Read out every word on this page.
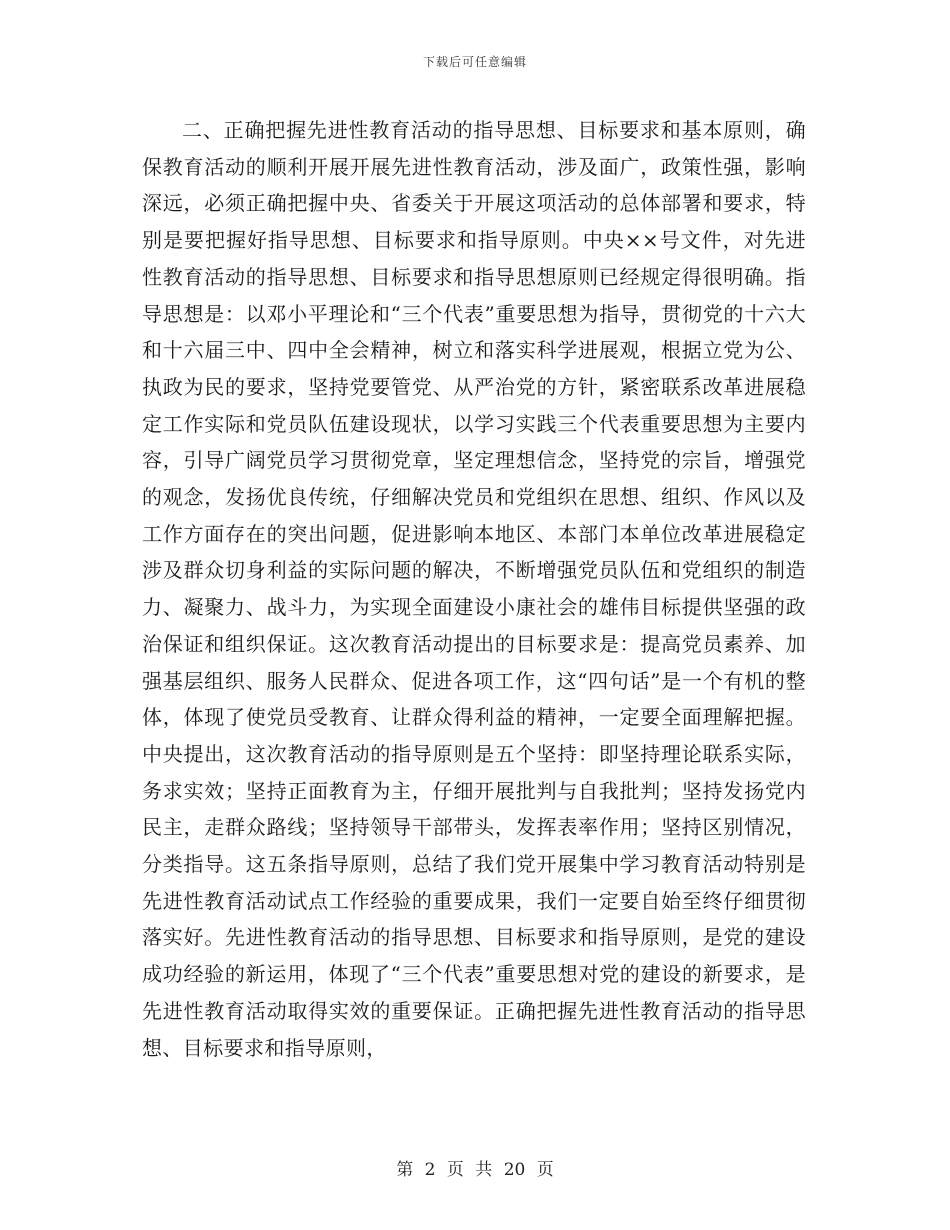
下载后可任意编辑

二、正确把握先进性教育活动的指导思想、目标要求和基本原则，确保教育活动的顺利开展开展先进性教育活动，涉及面广，政策性强，影响深远，必须正确把握中央、省委关于开展这项活动的总体部署和要求，特别是要把握好指导思想、目标要求和指导原则。中央××号文件，对先进性教育活动的指导思想、目标要求和指导思想原则已经规定得很明确。指导思想是：以邓小平理论和“三个代表”重要思想为指导，贯彻党的十六大和十六届三中、四中全会精神，树立和落实科学进展观，根据立党为公、执政为民的要求，坚持党要管党、从严治党的方针，紧密联系改革进展稳定工作实际和党员队伍建设现状，以学习实践三个代表重要思想为主要内容，引导广阔党员学习贯彻党章，坚定理想信念，坚持党的宗旨，增强党的观念，发扬优良传统，仔细解决党员和党组织在思想、组织、作风以及工作方面存在的突出问题，促进影响本地区、本部门本单位改革进展稳定涉及群众切身利益的实际问题的解决，不断增强党员队伍和党组织的制造力、凝聚力、战斗力，为实现全面建设小康社会的雄伟目标提供坚强的政治保证和组织保证。这次教育活动提出的目标要求是：提高党员素养、加强基层组织、服务人民群众、促进各项工作，这“四句话”是一个有机的整体，体现了使党员受教育、让群众得利益的精神，一定要全面理解把握。中央提出，这次教育活动的指导原则是五个坚持：即坚持理论联系实际，务求实效；坚持正面教育为主，仔细开展批判与自我批判；坚持发扬党内民主，走群众路线；坚持领导干部带头，发挥表率作用；坚持区别情况，分类指导。这五条指导原则，总结了我们党开展集中学习教育活动特别是先进性教育活动试点工作经验的重要成果，我们一定要自始至终仔细贯彻落实好。先进性教育活动的指导思想、目标要求和指导原则，是党的建设成功经验的新运用，体现了“三个代表”重要思想对党的建设的新要求，是先进性教育活动取得实效的重要保证。正确把握先进性教育活动的指导思想、目标要求和指导原则，

第 2 页 共 20 页
